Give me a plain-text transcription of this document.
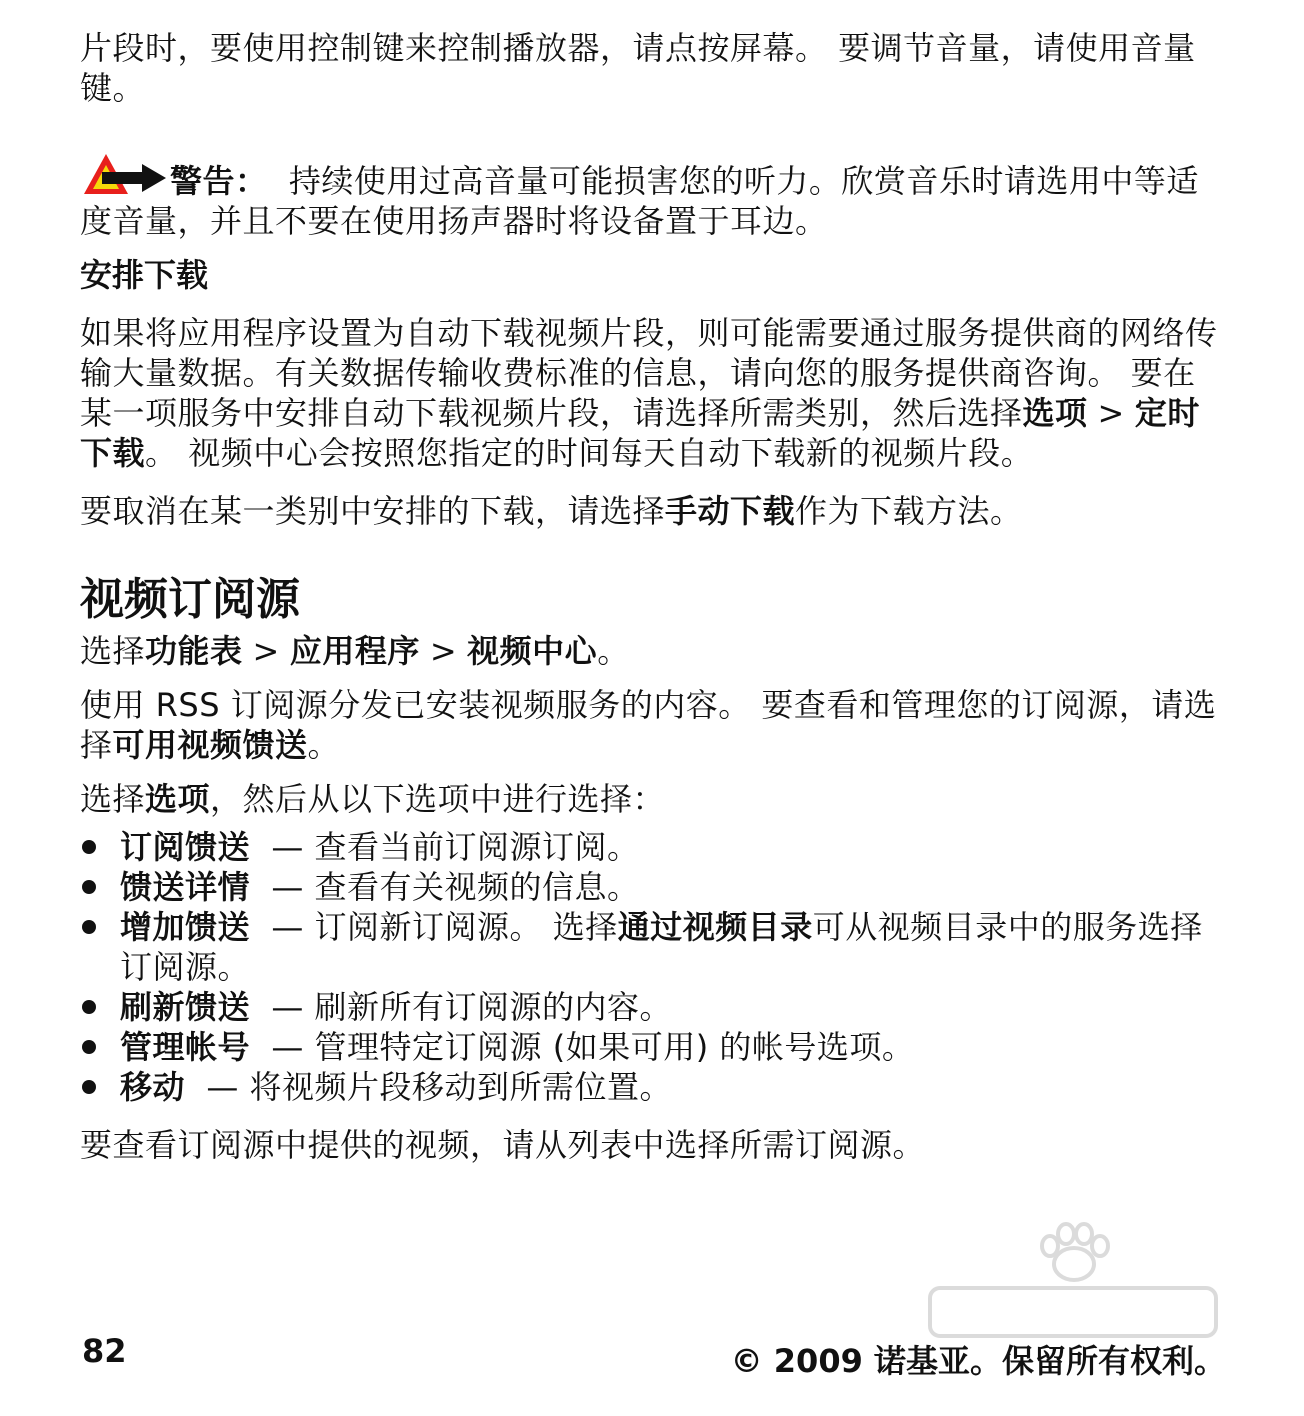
片段时，要使用控制键来控制播放器，请点按屏幕。 要调节音量，请使用音量键。

警告： 持续使用过高音量可能损害您的听力。欣赏音乐时请选用中等适度音量，并且不要在使用扬声器时将设备置于耳边。

安排下载

如果将应用程序设置为自动下载视频片段，则可能需要通过服务提供商的网络传输大量数据。有关数据传输收费标准的信息，请向您的服务提供商咨询。 要在某一项服务中安排自动下载视频片段，请选择所需类别，然后选择选项 > 定时下载。 视频中心会按照您指定的时间每天自动下载新的视频片段。

要取消在某一类别中安排的下载，请选择手动下载作为下载方法。

视频订阅源

选择功能表 > 应用程序 > 视频中心。

使用 RSS 订阅源分发已安装视频服务的内容。 要查看和管理您的订阅源，请选择可用视频馈送。

选择选项，然后从以下选项中进行选择：

订阅馈送 — 查看当前订阅源订阅。
馈送详情 — 查看有关视频的信息。
增加馈送 — 订阅新订阅源。 选择通过视频目录可从视频目录中的服务选择订阅源。
刷新馈送 — 刷新所有订阅源的内容。
管理帐号 — 管理特定订阅源 (如果可用) 的帐号选项。
移动 — 将视频片段移动到所需位置。

要查看订阅源中提供的视频，请从列表中选择所需订阅源。

82	© 2009 诺基亚。保留所有权利。
